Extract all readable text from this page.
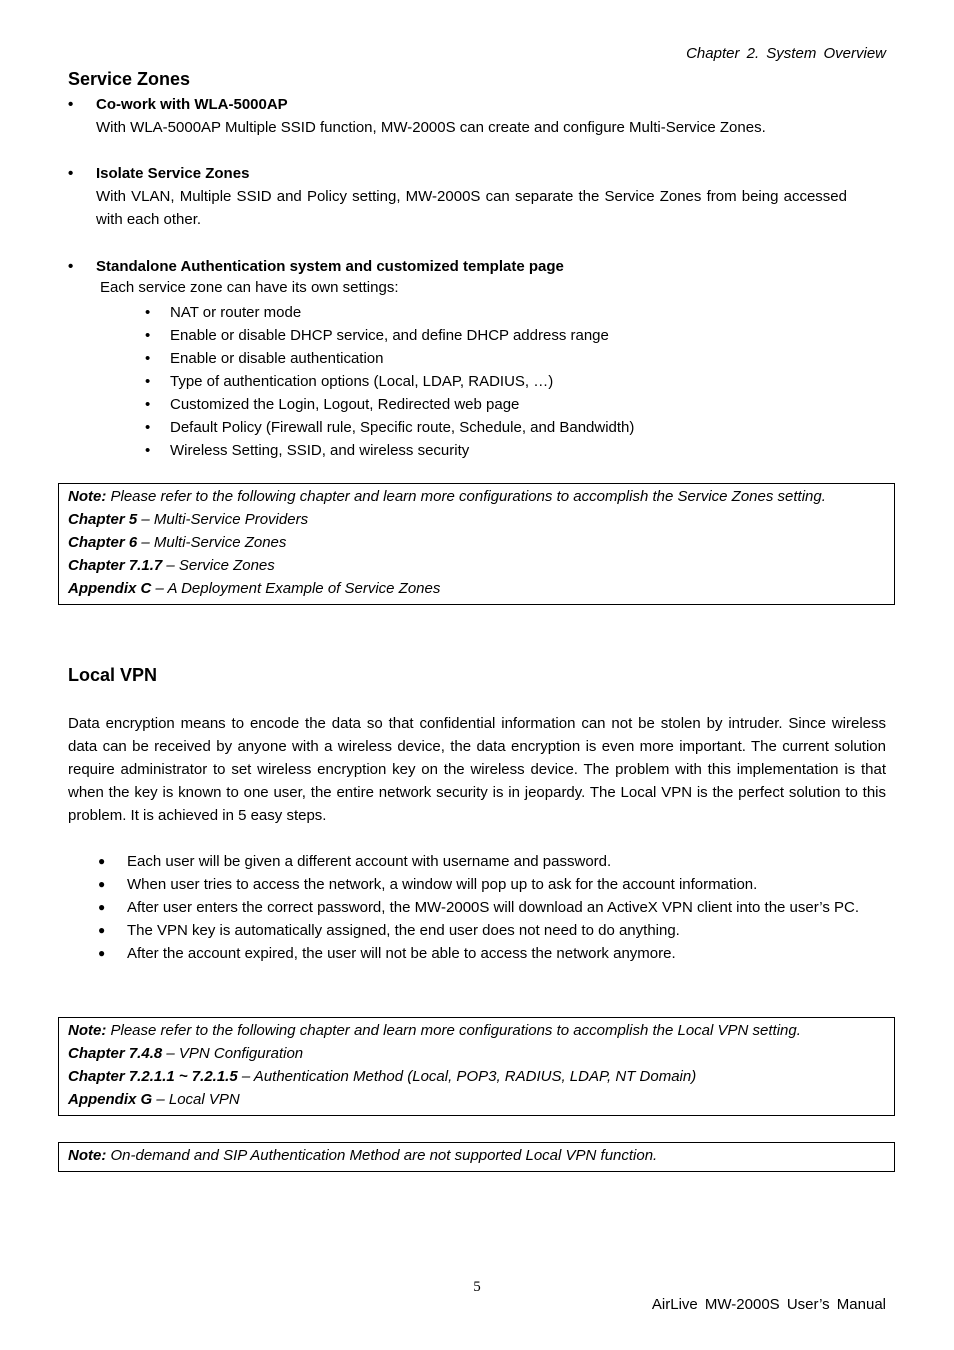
Chapter 2. System Overview
Service Zones
•	Co-work with WLA-5000AP
With WLA-5000AP Multiple SSID function, MW-2000S can create and configure Multi-Service Zones.
•	Isolate Service Zones
With VLAN, Multiple SSID and Policy setting, MW-2000S can separate the Service Zones from being accessed with each other.
•	Standalone Authentication system and customized template page
Each service zone can have its own settings:
•	NAT or router mode
•	Enable or disable DHCP service, and define DHCP address range
•	Enable or disable authentication
•	Type of authentication options (Local, LDAP, RADIUS, …)
•	Customized the Login, Logout, Redirected web page
•	Default Policy (Firewall rule, Specific route, Schedule, and Bandwidth)
•	Wireless Setting, SSID, and wireless security
Note: Please refer to the following chapter and learn more configurations to accomplish the Service Zones setting.
Chapter 5 – Multi-Service Providers
Chapter 6 – Multi-Service Zones
Chapter 7.1.7 – Service Zones
Appendix C – A Deployment Example of Service Zones
Local VPN
Data encryption means to encode the data so that confidential information can not be stolen by intruder. Since wireless data can be received by anyone with a wireless device, the data encryption is even more important. The current solution require administrator to set wireless encryption key on the wireless device. The problem with this implementation is that when the key is known to one user, the entire network security is in jeopardy. The Local VPN is the perfect solution to this problem. It is achieved in 5 easy steps.
●	Each user will be given a different account with username and password.
●	When user tries to access the network, a window will pop up to ask for the account information.
●	After user enters the correct password, the MW-2000S will download an ActiveX VPN client into the user’s PC.
●	The VPN key is automatically assigned, the end user does not need to do anything.
●	After the account expired, the user will not be able to access the network anymore.
Note: Please refer to the following chapter and learn more configurations to accomplish the Local VPN setting.
Chapter 7.4.8 – VPN Configuration
Chapter 7.2.1.1 ~ 7.2.1.5 – Authentication Method (Local, POP3, RADIUS, LDAP, NT Domain)
Appendix G – Local VPN
Note: On-demand and SIP Authentication Method are not supported Local VPN function.
5
AirLive MW-2000S User’s Manual
